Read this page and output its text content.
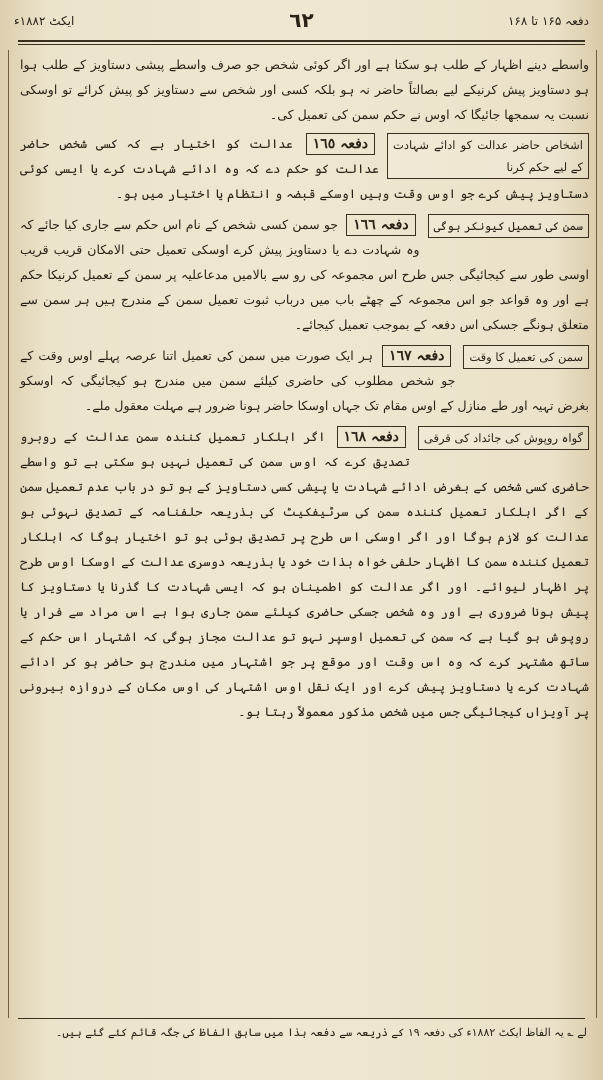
دفعہ ۱۶۵ تا ۱۶۸
٦٢
ایکٹ ۱۸۸۲ء

واسطے دینے اظہار کے طلب ہو سکتا ہے اور اگر کوئی شخص جو صرف واسطے پیشی دستاویز کے طلب ہوا ہو دستاویز پیش کرنیکے لیے بصالتاً حاضر نہ ہو بلکہ کسی اور شخص سے دستاویز کو پیش کرائے تو اوسکی نسبت یہ سمجھا جائیگا کہ اوس نے حکم سمن کی تعمیل کی۔

اشخاص حاضر عدالت کو ادائے شہادت کے لیے حکم کرنا
دفعہ ١٦٥ عدالت کو اختیار ہے کہ کسی شخص حاضر عدالت کو حکم دے کہ وہ ادائے شہادت کرے یا ایسی کوئی دستاویز پیش کرے جو اوس وقت وہیں اوسکے قبضہ و انتظام یا اختیار میں ہو۔
سمن کی تعمیل کیونکر ہوگی
دفعہ ١٦٦ جو سمن کسی شخص کے نام اس حکم سے جاری کیا جائے کہ وہ شہادت دے یا دستاویز پیش کرے اوسکی تعمیل حتی الامکان قریب قریب اوسی طور سے کیجائیگی جس طرح اس مجموعہ کی رو سے بالامیں مدعاعلیہ پر سمن کے تعمیل کرنیکا حکم ہے اور وہ قواعد جو اس مجموعہ کے چھٹے باب میں درباب ثبوت تعمیل سمن کے مندرج ہیں ہر سمن سے متعلق ہونگے جسکی اس دفعہ کے بموجب تعمیل کیجائے۔
سمن کی تعمیل کا وقت
دفعہ ١٦٧ ہر ایک صورت میں سمن کی تعمیل اتنا عرصہ پہلے اوس وقت کے جو شخص مطلوب کی حاضری کیلئے سمن میں مندرج ہو کیجائیگی کہ اوسکو بغرض تہیہ اور طے منازل کے اوس مقام تک جہاں اوسکا حاضر ہونا ضرور ہے مہلت معقول ملے۔
گواہ روپوش کی جائداد کی قرقی
دفعہ ١٦٨ اگر اہلکار تعمیل کنندہ سمن عدالت کے روبرو تصدیق کرے کہ اوس سمن کی تعمیل نہیں ہو سکتی ہے تو واسطے حاضری کسی شخص کے بغرض ادائے شہادت یا پیشی کسی دستاویز کے ہو تو در باب عدم تعمیل سمن کے اگر اہلکار تعمیل کنندہ سمن کی سرٹیفکیٹ کی بذریعہ حلفنامہ کے تصدیق نہوئی ہو عدالت کو لازم ہوگا اور اگر اوسکی اس طرح پر تصدیق ہوئی ہو تو اختیار ہوگا کہ اہلکار تعمیل کنندہ سمن کا اظہار حلفی خواہ بذات خود یا بذریعہ دوسری عدالت کے اوسکا اوس طرح پر اظہار لیوائے۔ اور اگر عدالت کو اطمینان ہو کہ ایسی شہادت کا گذرنا یا دستاویز کا پیش ہونا ضروری ہے اور وہ شخص جسکی حاضری کیلئے سمن جاری ہوا ہے اس مراد سے فرار یا روپوش ہو گیا ہے کہ سمن کی تعمیل اوسپر نہو تو عدالت مجاز ہوگی کہ اشتہار اس حکم کے ساتھ مشتہر کرے کہ وہ اس وقت اور موقع پر جو اشتہار میں مندرج ہو حاضر ہو کر ادائے شہادت کرے یا دستاویز پیش کرے اور ایک نقل اوس اشتہار کی اوس مکان کے دروازہ بیرونی پر آویزاں کیجائیگی جس میں شخص مذکور معمولاً رہتا ہو۔
لے ؎ یہ الفاظ ایکٹ ۱۸۸۲ء کی دفعہ ۱۹ کے ذریعہ سے دفعہ ہذا میں سابق الفاظ کی جگہ قائم کئے گئے ہیں۔
